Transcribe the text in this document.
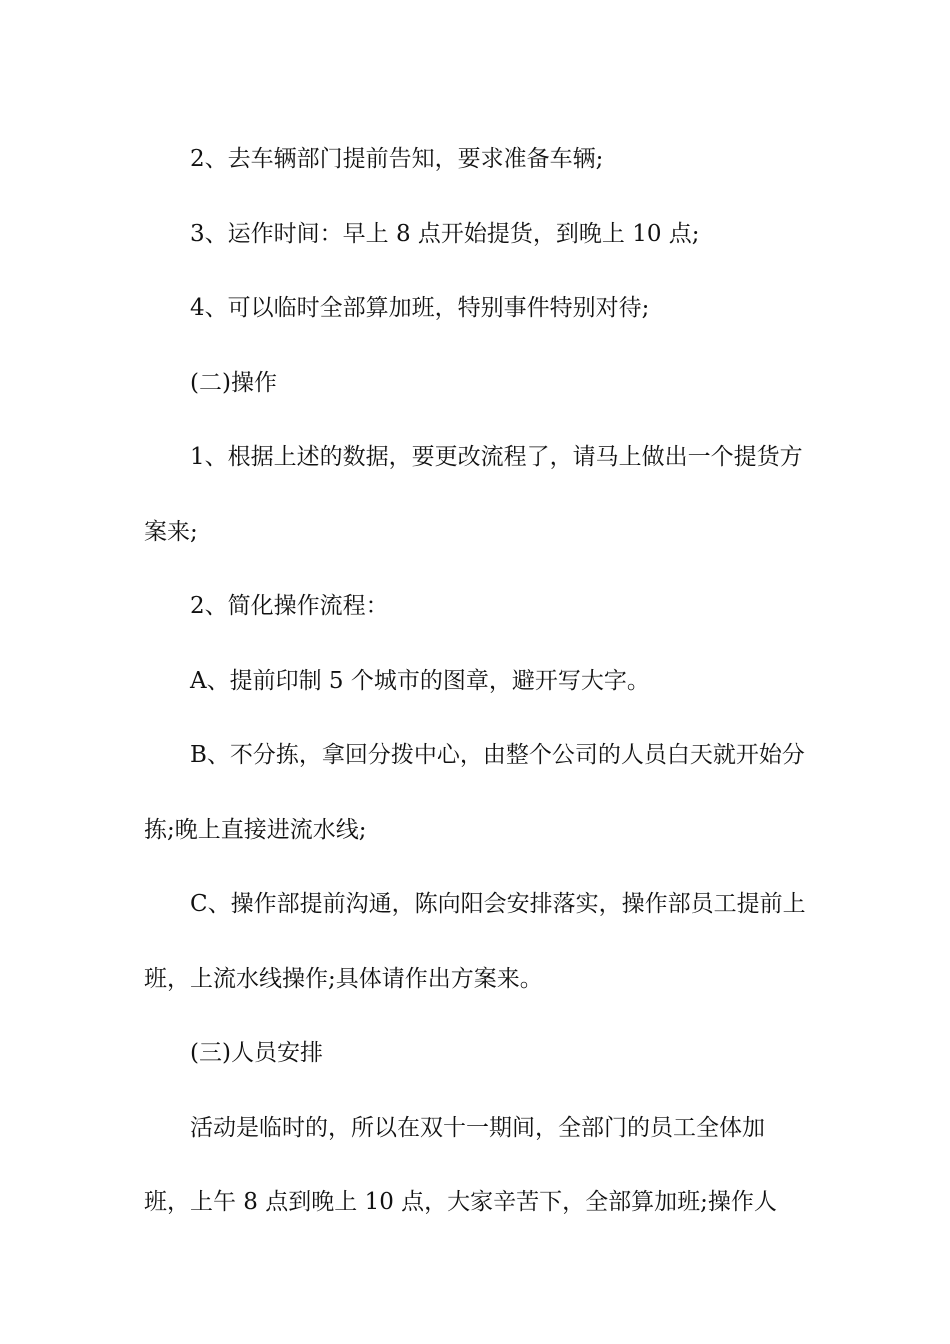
2、去车辆部门提前告知，要求准备车辆;

3、运作时间：早上 8 点开始提货，到晚上 10 点;

4、可以临时全部算加班，特别事件特别对待;

(二)操作

1、根据上述的数据，要更改流程了，请马上做出一个提货方案来;

2、简化操作流程：

A、提前印制 5 个城市的图章，避开写大字。

B、不分拣，拿回分拨中心，由整个公司的人员白天就开始分拣;晚上直接进流水线;

C、操作部提前沟通，陈向阳会安排落实，操作部员工提前上班，上流水线操作;具体请作出方案来。

(三)人员安排

活动是临时的，所以在双十一期间，全部门的员工全体加班，上午 8 点到晚上 10 点，大家辛苦下，全部算加班;操作人
